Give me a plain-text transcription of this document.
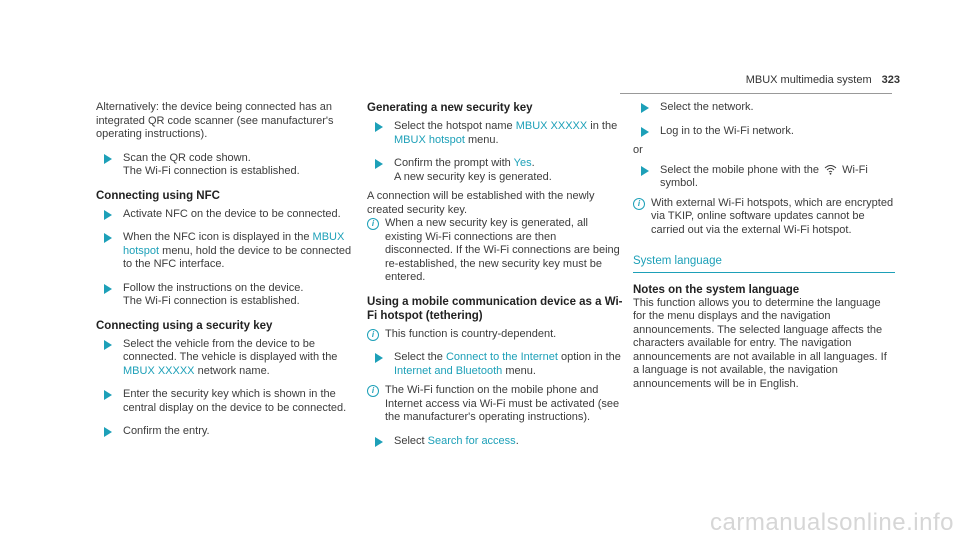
MBUX multimedia system 323

Alternatively: the device being connected has an integrated QR code scanner (see manufacturer's operating instructions).

Scan the QR code shown.

The Wi-Fi connection is established.

Connecting using NFC

Activate NFC on the device to be connected.

When the NFC icon is displayed in the MBUX hotspot menu, hold the device to be connected to the NFC interface.

Follow the instructions on the device.

The Wi-Fi connection is established.

Connecting using a security key

Select the vehicle from the device to be connected. The vehicle is displayed with the MBUX XXXXX network name.

Enter the security key which is shown in the central display on the device to be connected.

Confirm the entry.

Generating a new security key

Select the hotspot name MBUX XXXXX in the MBUX hotspot menu.

Confirm the prompt with Yes.

A new security key is generated.

A connection will be established with the newly created security key.

i When a new security key is generated, all existing Wi-Fi connections are then disconnected. If the Wi-Fi connections are being re-established, the new security key must be entered.

Using a mobile communication device as a Wi-Fi hotspot (tethering)
i This function is country-dependent.

Select the Connect to the Internet option in the Internet and Bluetooth menu.

i The Wi-Fi function on the mobile phone and Internet access via Wi-Fi must be activated (see the manufacturer's operating instructions).

Select Search for access.

Select the network.

Log in to the Wi-Fi network.

or

Select the mobile phone with the Wi-Fi symbol.

i With external Wi-Fi hotspots, which are encrypted via TKIP, online software updates cannot be carried out via the external Wi-Fi hotspot.

System language
Notes on the system language

This function allows you to determine the language for the menu displays and the navigation announcements. The selected language affects the characters available for entry. The navigation announcements are not available in all languages. If a language is not available, the navigation announcements will be in English.

carmanualsonline.info
